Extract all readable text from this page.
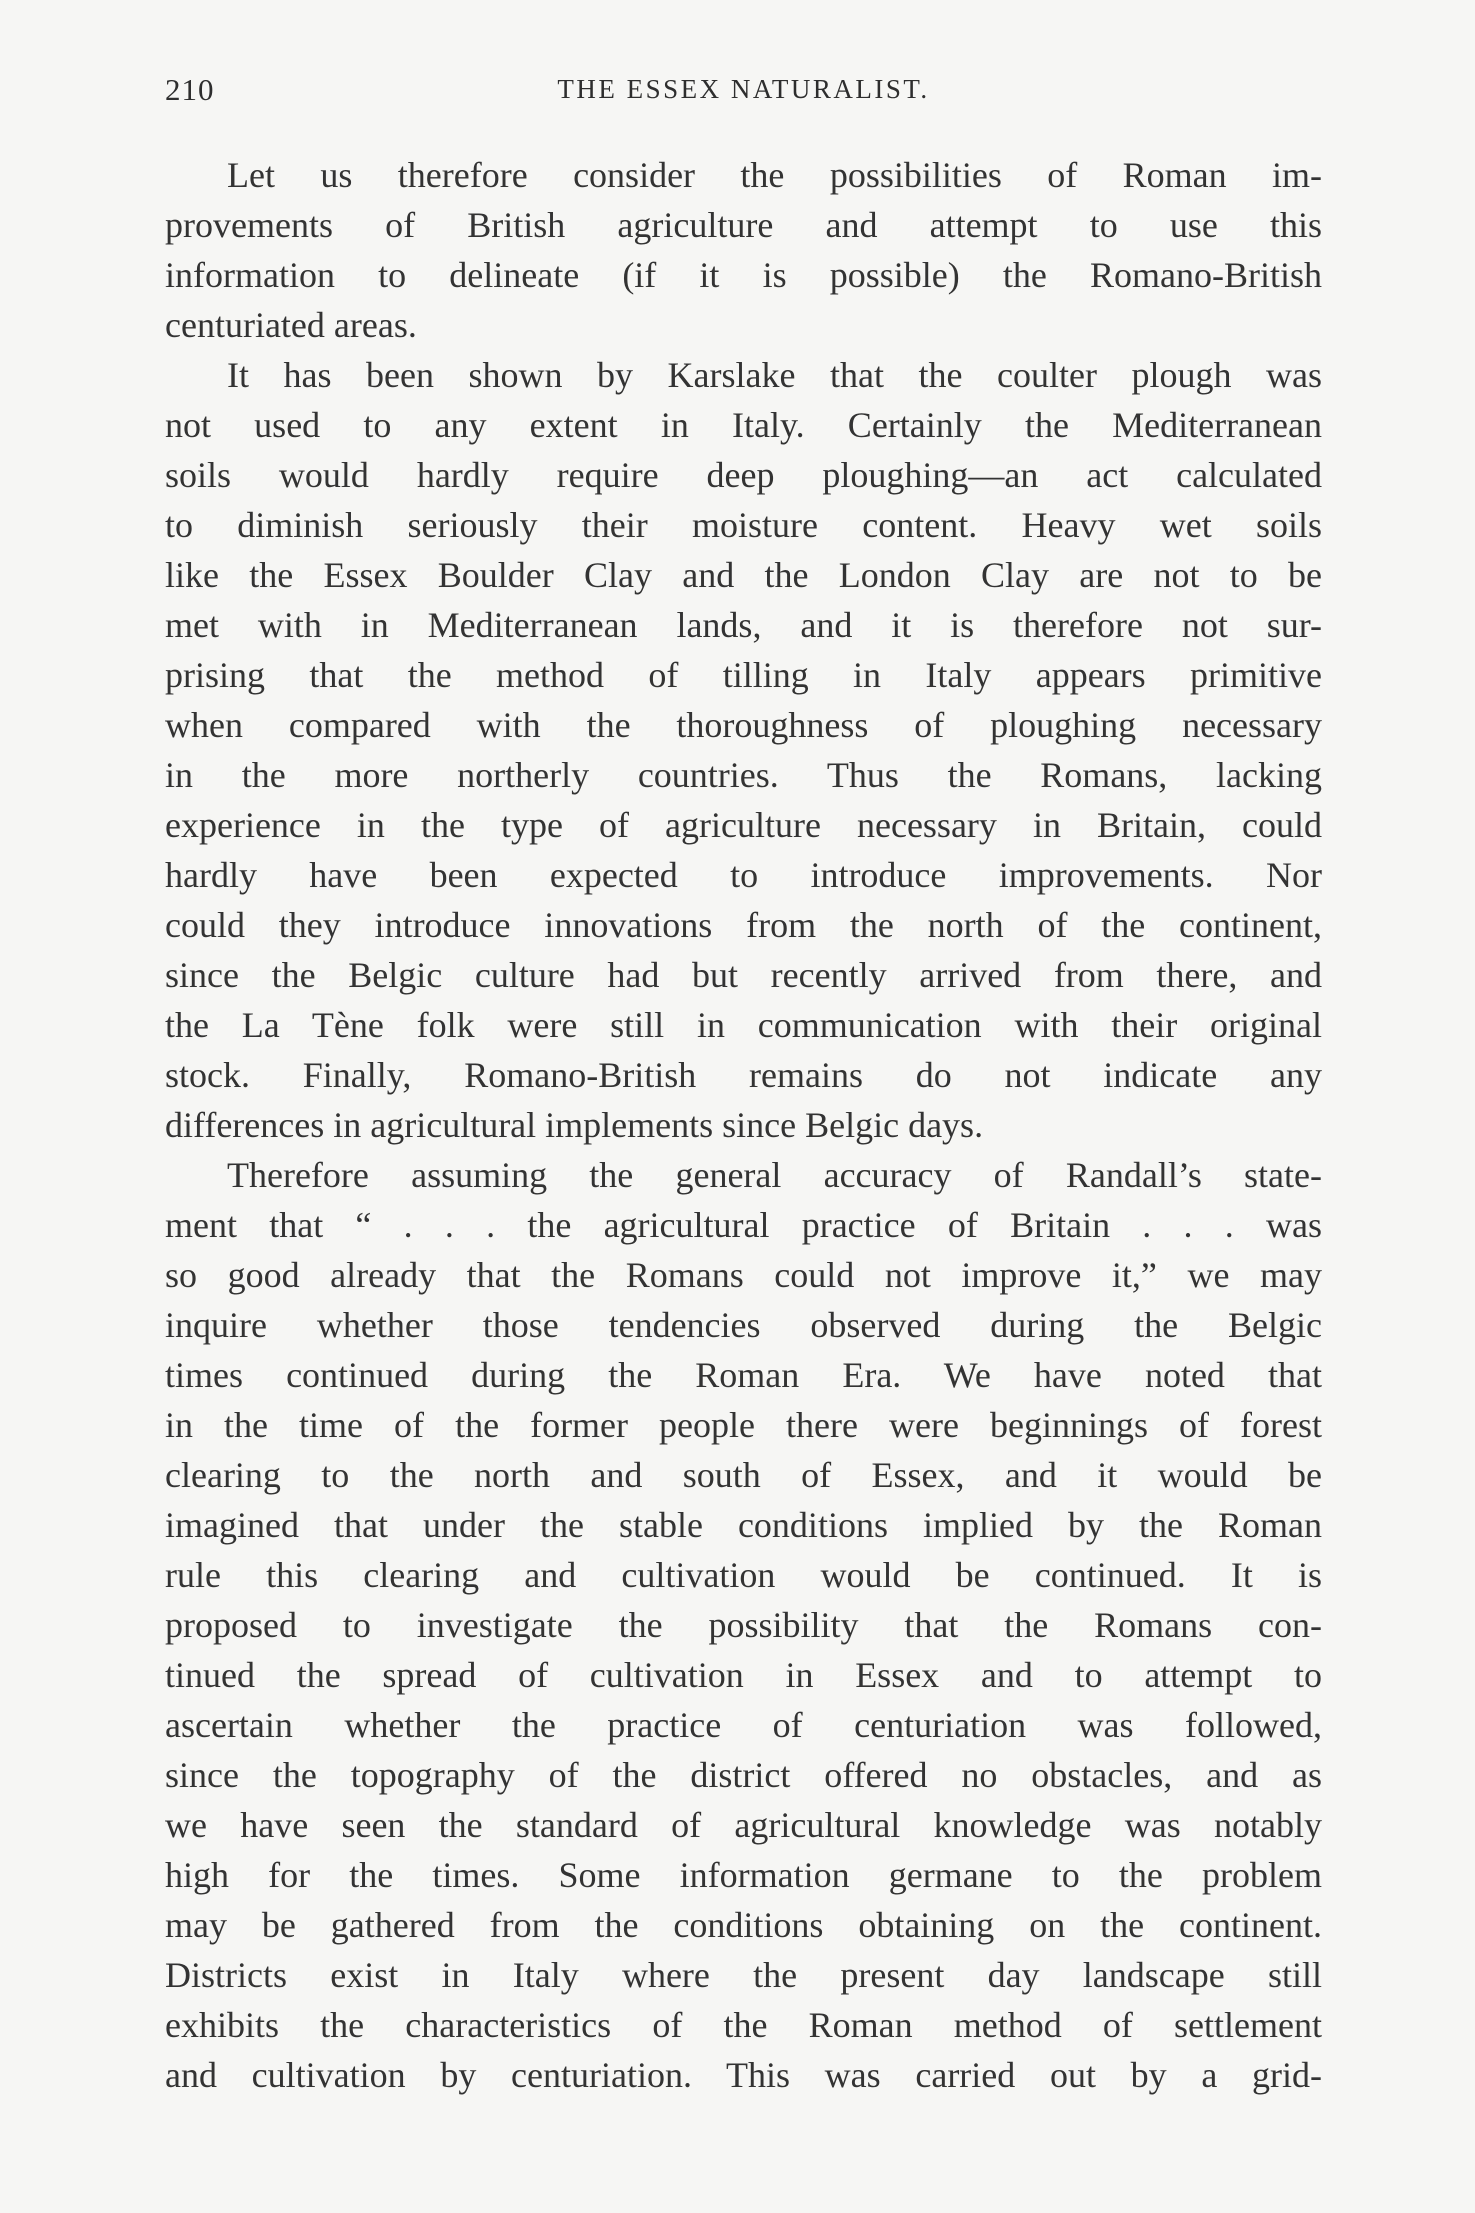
210	THE ESSEX NATURALIST.
Let us therefore consider the possibilities of Roman im-
provements of British agriculture and attempt to use this
information to delineate (if it is possible) the Romano-British
centuriated areas.
It has been shown by Karslake that the coulter plough was
not used to any extent in Italy. Certainly the Mediterranean
soils would hardly require deep ploughing—an act calculated
to diminish seriously their moisture content. Heavy wet soils
like the Essex Boulder Clay and the London Clay are not to be
met with in Mediterranean lands, and it is therefore not sur-
prising that the method of tilling in Italy appears primitive
when compared with the thoroughness of ploughing necessary
in the more northerly countries. Thus the Romans, lacking
experience in the type of agriculture necessary in Britain, could
hardly have been expected to introduce improvements. Nor
could they introduce innovations from the north of the continent,
since the Belgic culture had but recently arrived from there, and
the La Tène folk were still in communication with their original
stock. Finally, Romano-British remains do not indicate any
differences in agricultural implements since Belgic days.
Therefore assuming the general accuracy of Randall’s state-
ment that “ . . . the agricultural practice of Britain . . . was
so good already that the Romans could not improve it,” we may
inquire whether those tendencies observed during the Belgic
times continued during the Roman Era. We have noted that
in the time of the former people there were beginnings of forest
clearing to the north and south of Essex, and it would be
imagined that under the stable conditions implied by the Roman
rule this clearing and cultivation would be continued. It is
proposed to investigate the possibility that the Romans con-
tinued the spread of cultivation in Essex and to attempt to
ascertain whether the practice of centuriation was followed,
since the topography of the district offered no obstacles, and as
we have seen the standard of agricultural knowledge was notably
high for the times. Some information germane to the problem
may be gathered from the conditions obtaining on the continent.
Districts exist in Italy where the present day landscape still
exhibits the characteristics of the Roman method of settlement
and cultivation by centuriation. This was carried out by a grid-
